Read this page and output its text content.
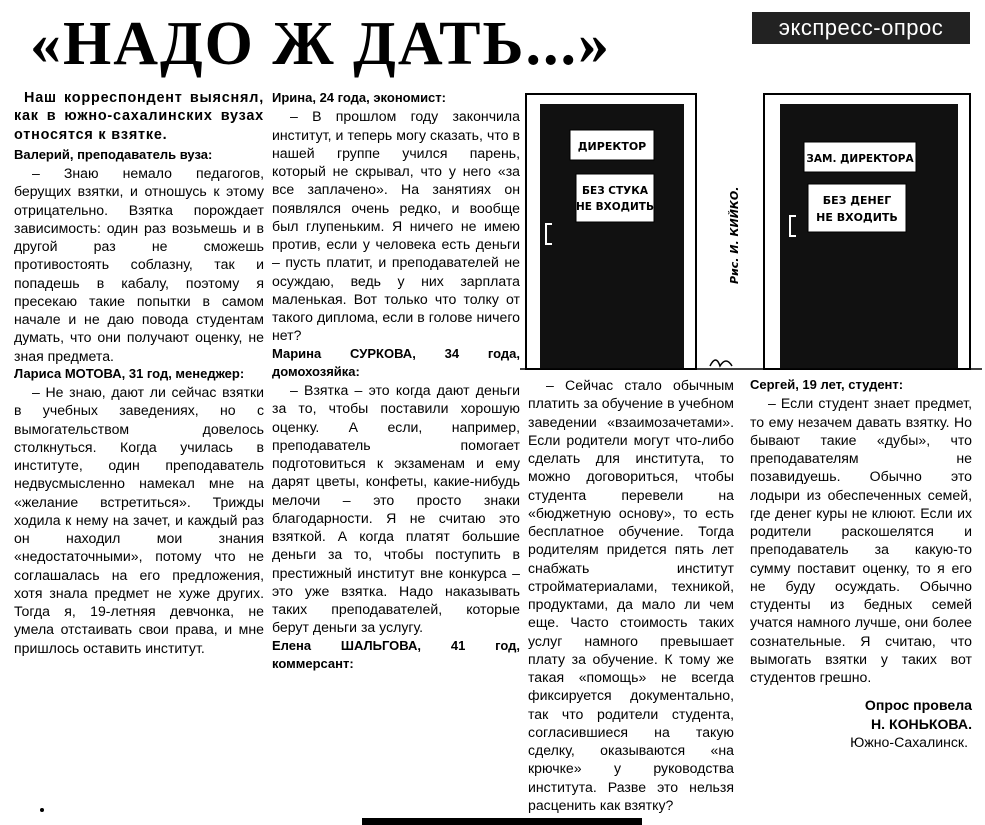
«НАДО Ж ДАТЬ...»	экспресс-опрос

Наш корреспондент выяснял, как в южно-сахалинских вузах относятся к взятке.

Валерий, преподаватель вуза:

– Знаю немало педагогов, берущих взятки, и отношусь к этому отрицательно. Взятка порождает зависимость: один раз возьмешь и в другой раз не сможешь противостоять соблазну, так и попадешь в кабалу, поэтому я пресекаю такие попытки в самом начале и не даю повода студентам думать, что они получают оценку, не зная предмета.

Лариса МОТОВА, 31 год, менеджер:

– Не знаю, дают ли сейчас взятки в учебных заведениях, но с вымогательством довелось столкнуться. Когда училась в институте, один преподаватель недвусмысленно намекал мне на «желание встретиться». Трижды ходила к нему на зачет, и каждый раз он находил мои знания «недостаточными», потому что не соглашалась на его предложения, хотя знала предмет не хуже других. Тогда я, 19-летняя девчонка, не умела отстаивать свои права, и мне пришлось оставить институт.

Ирина, 24 года, экономист:

– В прошлом году закончила институт, и теперь могу сказать, что в нашей группе учился парень, который не скрывал, что у него «за все заплачено». На занятиях он появлялся очень редко, и вообще был глупеньким. Я ничего не имею против, если у человека есть деньги – пусть платит, и преподавателей не осуждаю, ведь у них зарплата маленькая. Вот только что толку от такого диплома, если в голове ничего нет?

Марина СУРКОВА, 34 года, домохозяйка:

– Взятка – это когда дают деньги за то, чтобы поставили хорошую оценку. А если, например, преподаватель помогает подготовиться к экзаменам и ему дарят цветы, конфеты, какие-нибудь мелочи – это просто знаки благодарности. Я не считаю это взяткой. А когда платят большие деньги за то, чтобы поступить в престижный институт вне конкурса – это уже взятка. Надо наказывать таких преподавателей, которые берут деньги за услугу.

Елена ШАЛЬГОВА, 41 год, коммерсант:

ДИРЕКТОР
БЕЗ СТУКА
НЕ ВХОДИТЬ	Рис. И. КИЙКО.
ЗАМ. ДИРЕКТОРА
БЕЗ ДЕНЕГ
НЕ ВХОДИТЬ

– Сейчас стало обычным платить за обучение в учебном заведении «взаимозачетами». Если родители могут что-либо сделать для института, то можно договориться, чтобы студента перевели на «бюджетную основу», то есть бесплатное обучение. Тогда родителям придется пять лет снабжать институт стройматериалами, техникой, продуктами, да мало ли чем еще. Часто стоимость таких услуг намного превышает плату за обучение. К тому же такая «помощь» не всегда фиксируется документально, так что родители студента, согласившиеся на такую сделку, оказываются «на крючке» у руководства института. Разве это нельзя расценить как взятку?

Сергей, 19 лет, студент:

– Если студент знает предмет, то ему незачем давать взятку. Но бывают такие «дубы», что преподавателям не позавидуешь. Обычно это лодыри из обеспеченных семей, где денег куры не клюют. Если их родители раскошелятся и преподаватель за какую-то сумму поставит оценку, то я его не буду осуждать. Обычно студенты из бедных семей учатся намного лучше, они более сознательные. Я считаю, что вымогать взятки у таких вот студентов грешно.

Опрос провела

Н. КОНЬКОВА.

Южно-Сахалинск.
